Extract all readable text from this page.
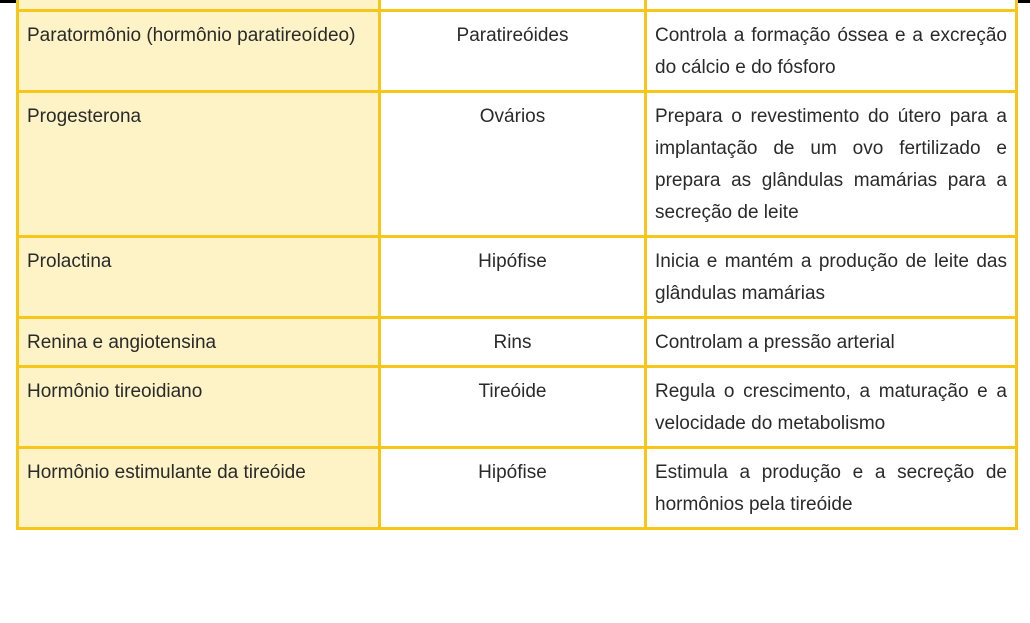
Paratormônio (hormônio paratireoídeo)	Paratireóides	Controla a formação óssea e a excreção do cálcio e do fósforo
Progesterona	Ovários	Prepara o revestimento do útero para a implantação de um ovo fertilizado e prepara as glândulas mamárias para a secreção de leite
Prolactina	Hipófise	Inicia e mantém a produção de leite das glândulas mamárias
Renina e angiotensina	Rins	Controlam a pressão arterial
Hormônio tireoidiano	Tireóide	Regula o crescimento, a maturação e a velocidade do metabolismo
Hormônio estimulante da tireóide	Hipófise	Estimula a produção e a secreção de hormônios pela tireóide
